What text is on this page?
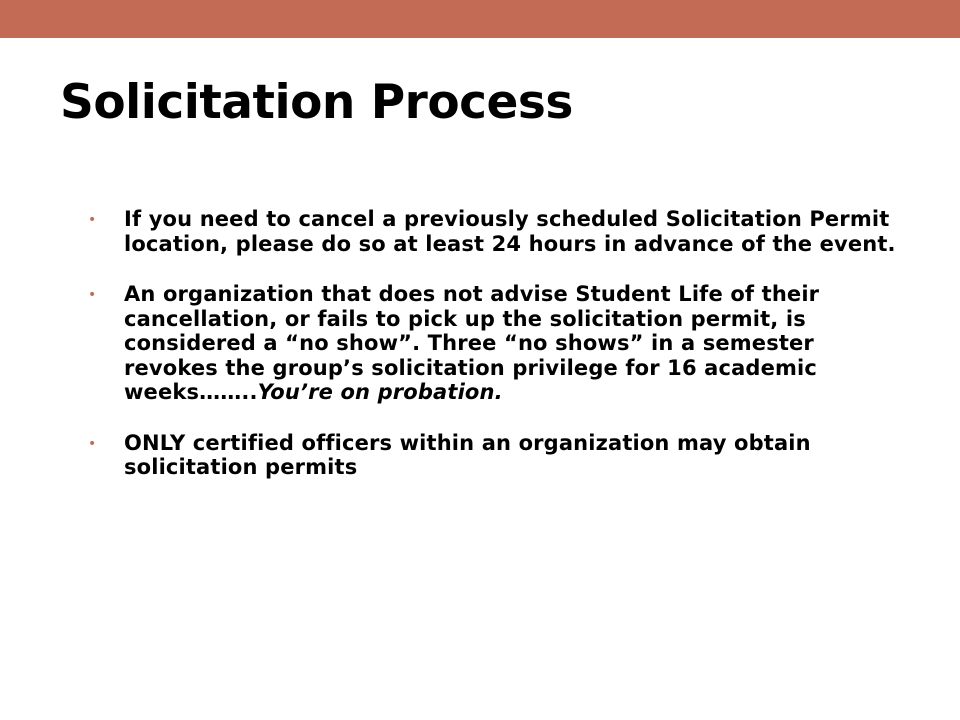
Solicitation Process
• If you need to cancel a previously scheduled Solicitation Permit location, please do so at least 24 hours in advance of the event.
• An organization that does not advise Student Life of their cancellation, or fails to pick up the solicitation permit, is considered a “no show”. Three “no shows” in a semester revokes the group’s solicitation privilege for 16 academic weeks……..You’re on probation.
• ONLY certified officers within an organization may obtain solicitation permits
